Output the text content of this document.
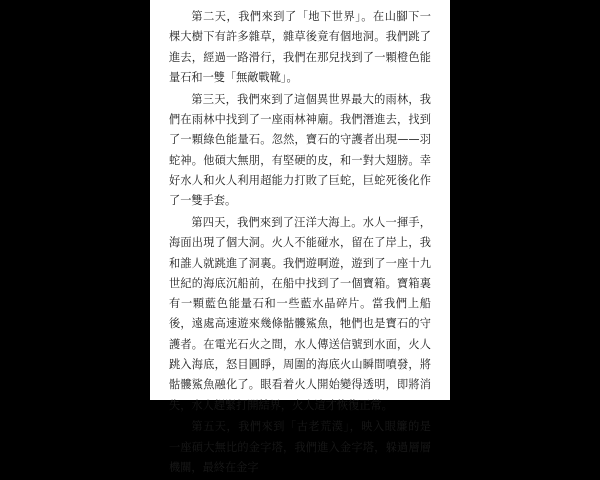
第二天，我們來到了「地下世界」。在山腳下一棵大樹下有許多雜草，雜草後竟有個地洞。我們跳了進去，經過一路滑行，我們在那兒找到了一顆橙色能量石和一雙「無敵戰靴」。

第三天，我們來到了這個異世界最大的雨林，我們在雨林中找到了一座雨林神廟。我們潛進去，找到了一顆綠色能量石。忽然，寶石的守護者出現——羽蛇神。他碩大無朋，有堅硬的皮，和一對大翅膀。幸好水人和火人利用超能力打敗了巨蛇，巨蛇死後化作了一雙手套。

第四天，我們來到了汪洋大海上。水人一揮手，海面出現了個大洞。火人不能碰水，留在了岸上，我和誰人就跳進了洞裏。我們遊啊遊，遊到了一座十九世紀的海底沉船前，在船中找到了一個寶箱。寶箱裏有一顆藍色能量石和一些藍水晶碎片。當我們上船後，遠處高速遊來幾條骷髏鯊魚，牠們也是寶石的守護者。在電光石火之間，水人傳送信號到水面，火人跳入海底，怒目圓睜，周圍的海底火山瞬間噴發，將骷髏鯊魚融化了。眼看着火人開始變得透明，即將消失，水人趕緊打開結界，火人這才恢復正常。

第五天，我們來到「古老荒漠」，映入眼簾的是一座碩大無比的金字塔，我們進入金字塔，躲過層層機關，最終在金字
